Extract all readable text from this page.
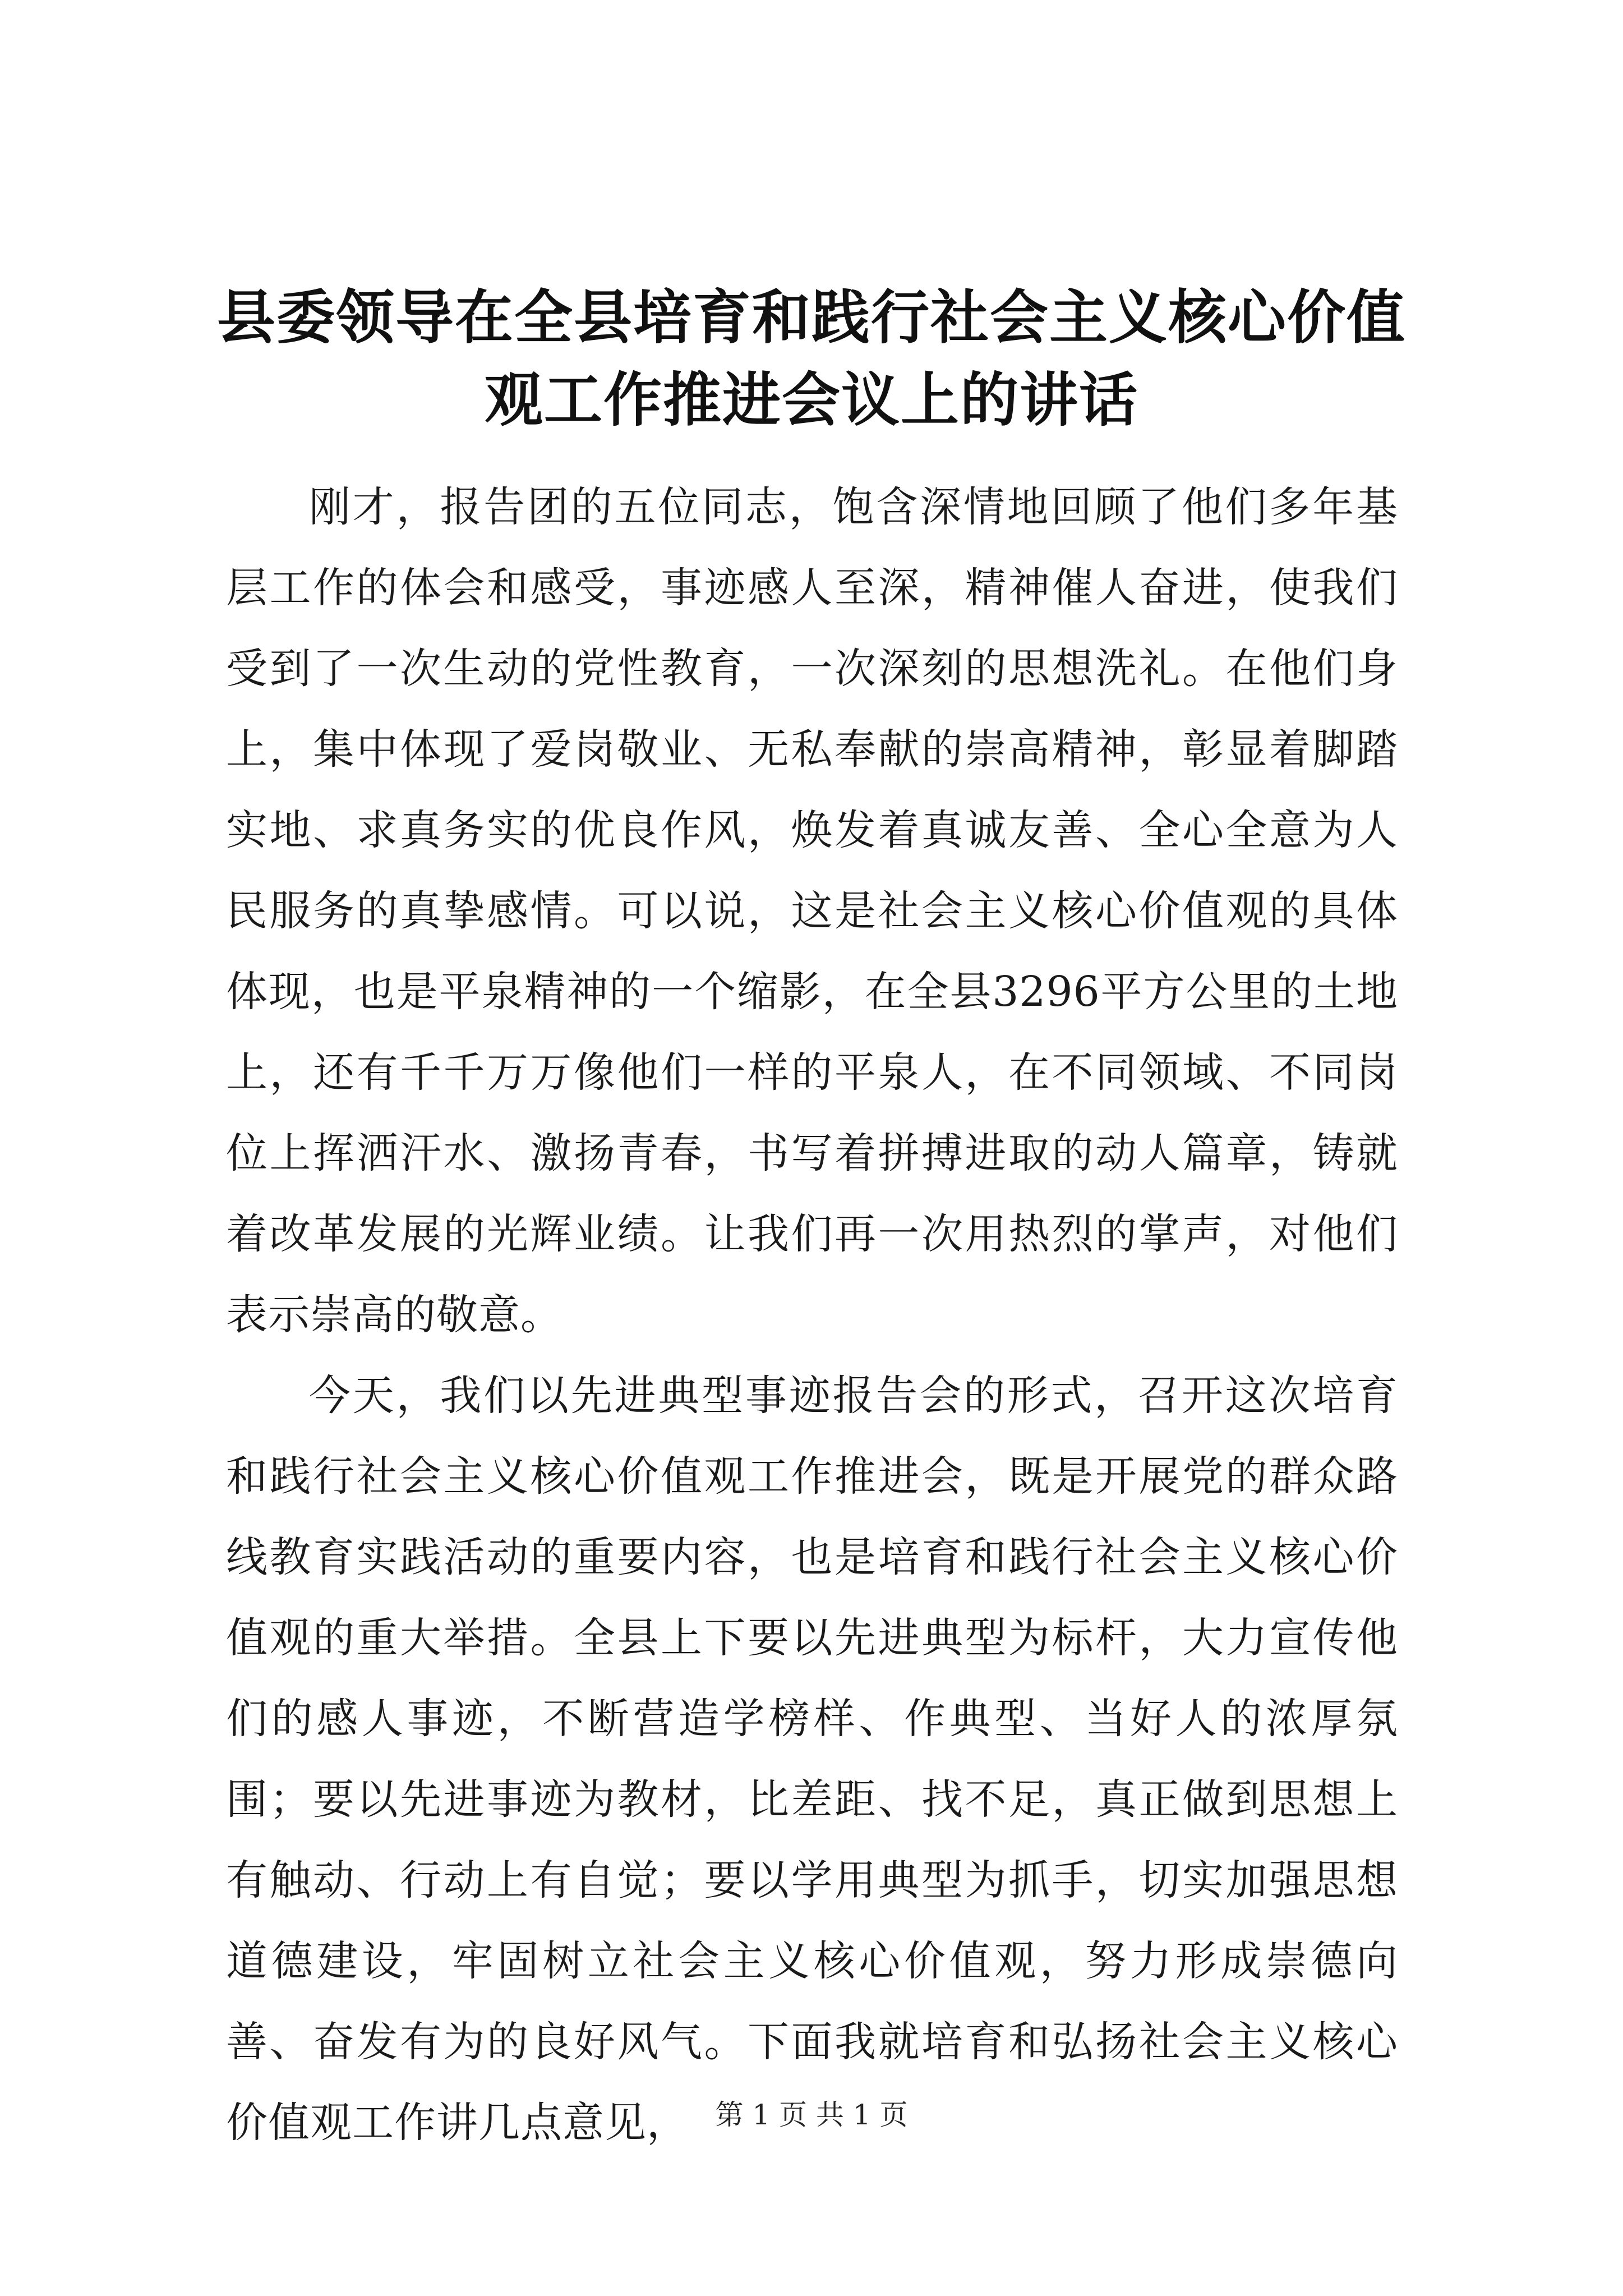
县委领导在全县培育和践行社会主义核心价值
观工作推进会议上的讲话

刚才，报告团的五位同志，饱含深情地回顾了他们多年基层工作的体会和感受，事迹感人至深，精神催人奋进，使我们受到了一次生动的党性教育，一次深刻的思想洗礼。在他们身上，集中体现了爱岗敬业、无私奉献的崇高精神，彰显着脚踏实地、求真务实的优良作风，焕发着真诚友善、全心全意为人民服务的真挚感情。可以说，这是社会主义核心价值观的具体体现，也是平泉精神的一个缩影，在全县3296平方公里的土地上，还有千千万万像他们一样的平泉人，在不同领域、不同岗位上挥洒汗水、激扬青春，书写着拼搏进取的动人篇章，铸就着改革发展的光辉业绩。让我们再一次用热烈的掌声，对他们表示崇高的敬意。

今天，我们以先进典型事迹报告会的形式，召开这次培育和践行社会主义核心价值观工作推进会，既是开展党的群众路线教育实践活动的重要内容，也是培育和践行社会主义核心价值观的重大举措。全县上下要以先进典型为标杆，大力宣传他们的感人事迹，不断营造学榜样、作典型、当好人的浓厚氛围；要以先进事迹为教材，比差距、找不足，真正做到思想上有触动、行动上有自觉；要以学用典型为抓手，切实加强思想道德建设，牢固树立社会主义核心价值观，努力形成崇德向善、奋发有为的良好风气。下面我就培育和弘扬社会主义核心价值观工作讲几点意见， 第 1 页 共 1 页
